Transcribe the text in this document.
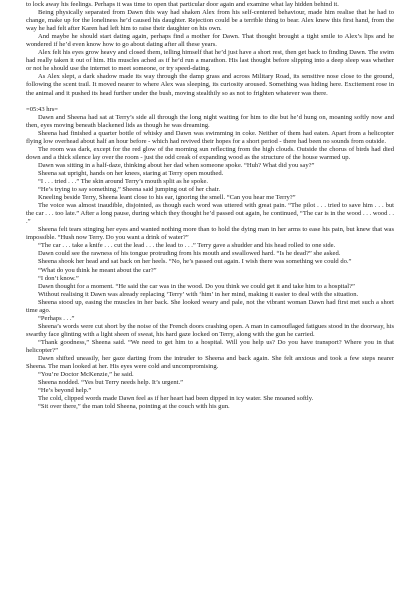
to lock away his feelings. Perhaps it was time to open that particular door again and examine what lay hidden behind it.

Being physically separated from Dawn this way had shaken Alex from his self-centered behaviour, made him realise that he had to change, make up for the loneliness he’d caused his daughter. Rejection could be a terrible thing to bear. Alex knew this first hand, from the way he had felt after Karen had left him to raise their daughter on his own.

And maybe he should start dating again, perhaps find a mother for Dawn. That thought brought a tight smile to Alex’s lips and he wondered if he’d even know how to go about dating after all these years.

Alex felt his eyes grow heavy and closed them, telling himself that he’d just have a short rest, then get back to finding Dawn. The swim had really taken it out of him. His muscles ached as if he’d run a marathon. His last thought before slipping into a deep sleep was whether or not he should use the internet to meet someone, or try speed-dating.

As Alex slept, a dark shadow made its way through the damp grass and across Military Road, its sensitive nose close to the ground, following the scent trail. It moved nearer to where Alex was sleeping, its curiosity aroused. Something was hiding here. Excitement rose in the animal and it pushed its head further under the bush, moving stealthily so as not to frighten whatever was there.

=05:43 hrs=

Dawn and Sheena had sat at Terry’s side all through the long night waiting for him to die but he’d hung on, moaning softly now and then, eyes moving beneath blackened lids as though he was dreaming.

Sheena had finished a quarter bottle of whisky and Dawn was swimming in coke. Neither of them had eaten. Apart from a helicopter flying low overhead about half an hour before - which had revived their hopes for a short period - there had been no sounds from outside.

The room was dark, except for the red glow of the morning sun reflecting from the high clouds. Outside the chorus of birds had died down and a thick silence lay over the room - just the odd creak of expanding wood as the structure of the house warmed up.

Dawn was sitting in a half-daze, thinking about her dad when someone spoke. “Huh? What did you say?”

Sheena sat upright, hands on her knees, staring at Terry open mouthed.

“I . . . tried . . .” The skin around Terry’s mouth split as he spoke.

“He’s trying to say something,” Sheena said jumping out of her chair.

Kneeling beside Terry, Sheena leant close to his ear, ignoring the smell. “Can you hear me Terry?”

The voice was almost inaudible, disjointed, as though each word was uttered with great pain. “The pilot . . . tried to save him . . . but the car . . . too late.” After a long pause, during which they thought he’d passed out again, he continued, “The car is in the wood . . . wood . . .”

Sheena felt tears stinging her eyes and wanted nothing more than to hold the dying man in her arms to ease his pain, but knew that was impossible. “Hush now Terry. Do you want a drink of water?”

“The car . . . take a knife . . . cut the lead . . . the lead to . . .” Terry gave a shudder and his head rolled to one side.

Dawn could see the rawness of his tongue protruding from his mouth and swallowed hard. “Is he dead?” she asked.

Sheena shook her head and sat back on her heels. “No, he’s passed out again. I wish there was something we could do.”

“What do you think he meant about the car?”

“I don’t know.”

Dawn thought for a moment. “He said the car was in the wood. Do you think we could get it and take him to a hospital?”

Without realising it Dawn was already replacing ‘Terry’ with ‘him’ in her mind, making it easier to deal with the situation.

Sheena stood up, easing the muscles in her back. She looked weary and pale, not the vibrant woman Dawn had first met such a short time ago.

“Perhaps . . .”

Sheena’s words were cut short by the noise of the French doors crashing open. A man in camouflaged fatigues stood in the doorway, his swarthy face glinting with a light sheen of sweat, his hard gaze locked on Terry, along with the gun he carried.

“Thank goodness,” Sheena said. “We need to get him to a hospital. Will you help us? Do you have transport? Where you in that helicopter?”

Dawn shifted uneasily, her gaze darting from the intruder to Sheena and back again. She felt anxious and took a few steps nearer Sheena. The man looked at her. His eyes were cold and uncompromising.

“You’re Doctor McKenzie,” he said.

Sheena nodded. “Yes but Terry needs help. It’s urgent.”

“He’s beyond help.”

The cold, clipped words made Dawn feel as if her heart had been dipped in icy water. She moaned softly.

“Sit over there,” the man told Sheena, pointing at the couch with his gun.
